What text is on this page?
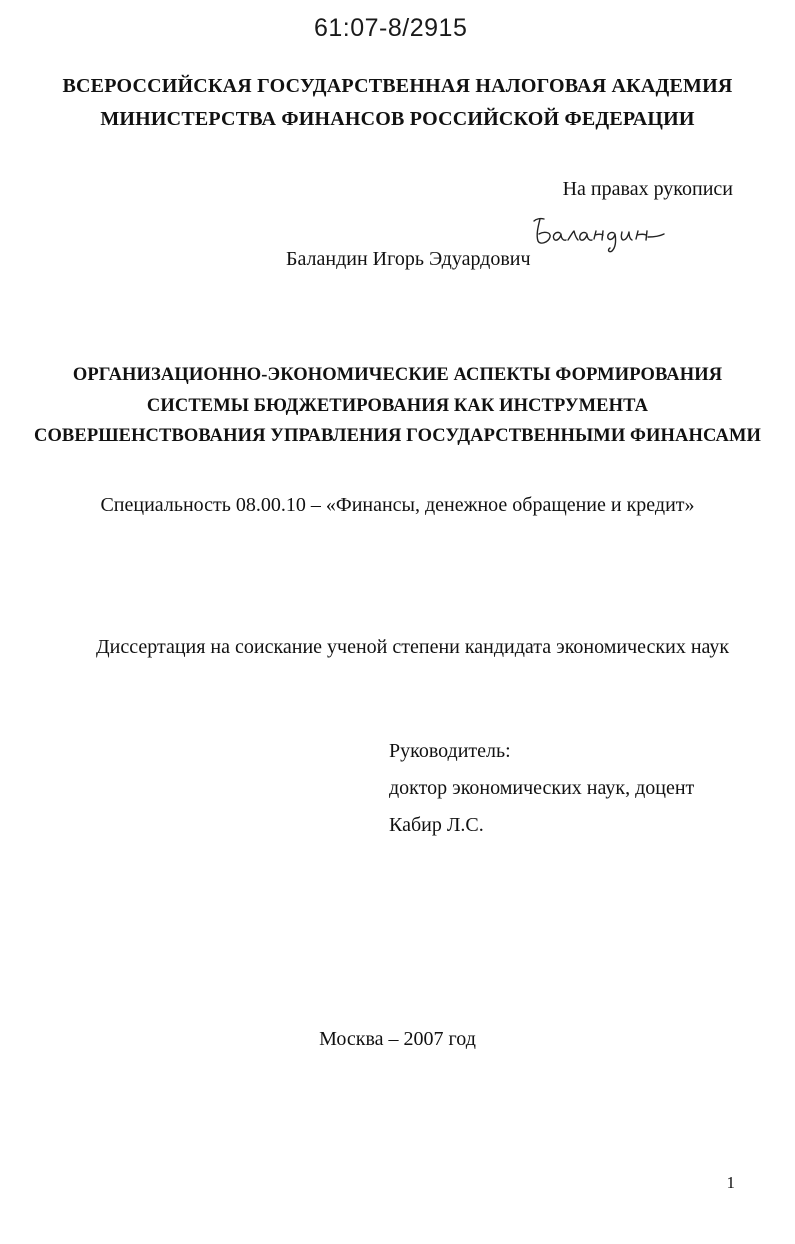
61:07-8/2915
ВСЕРОССИЙСКАЯ ГОСУДАРСТВЕННАЯ НАЛОГОВАЯ АКАДЕМИЯ
МИНИСТЕРСТВА ФИНАНСОВ РОССИЙСКОЙ ФЕДЕРАЦИИ
На правах рукописи
Баландин Игорь Эдуардович
ОРГАНИЗАЦИОННО-ЭКОНОМИЧЕСКИЕ АСПЕКТЫ ФОРМИРОВАНИЯ
СИСТЕМЫ БЮДЖЕТИРОВАНИЯ КАК ИНСТРУМЕНТА
СОВЕРШЕНСТВОВАНИЯ УПРАВЛЕНИЯ ГОСУДАРСТВЕННЫМИ ФИНАНСАМИ
Специальность 08.00.10 – «Финансы, денежное обращение и кредит»
Диссертация на соискание ученой степени кандидата экономических наук
Руководитель:
доктор экономических наук, доцент
Кабир Л.С.
Москва – 2007 год
1
